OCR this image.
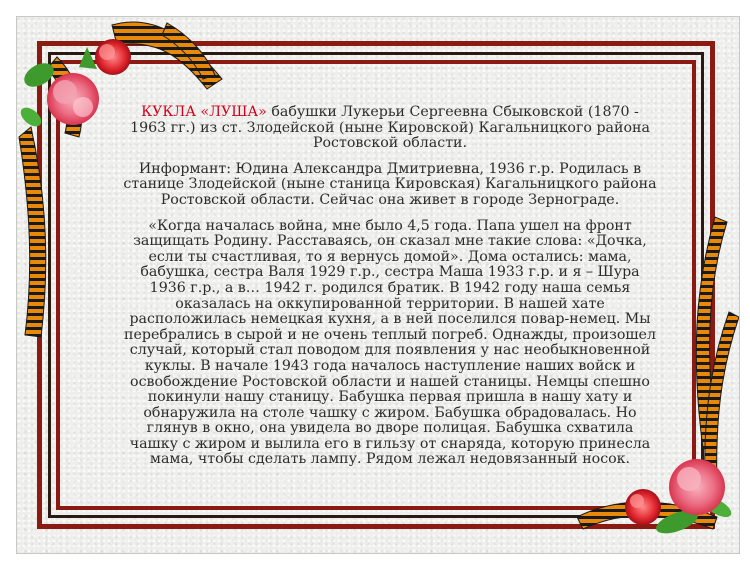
КУКЛА «ЛУША» бабушки Лукерьи Сергеевна Сбыковской (1870 - 1963 гг.) из ст. Злодейской (ныне Кировской) Кагальницкого района Ростовской области.

Информант: Юдина Александра Дмитриевна, 1936 г.р. Родилась в станице Злодейской (ныне станица Кировская) Кагальницкого района Ростовской области. Сейчас она живет в городе Зернограде.

«Когда началась война, мне было 4,5 года. Папа ушел на фронт защищать Родину. Расставаясь, он сказал мне такие слова: «Дочка, если ты счастливая, то я вернусь домой». Дома остались: мама, бабушка, сестра Валя 1929 г.р., сестра Маша 1933 г.р. и я – Шура 1936 г.р., а в… 1942 г. родился братик. В 1942 году наша семья оказалась на оккупированной территории. В нашей хате расположилась немецкая кухня, а в ней поселился повар-немец. Мы перебрались в сырой и не очень теплый погреб. Однажды, произошел случай, который стал поводом для появления у нас необыкновенной куклы. В начале 1943 года началось наступление наших войск и освобождение Ростовской области и нашей станицы. Немцы спешно покинули нашу станицу. Бабушка первая пришла в нашу хату и обнаружила на столе чашку с жиром. Бабушка обрадовалась. Но глянув в окно, она увидела во дворе полицая. Бабушка схватила чашку с жиром и вылила его в гильзу от снаряда, которую принесла мама, чтобы сделать лампу. Рядом лежал недовязанный носок.
